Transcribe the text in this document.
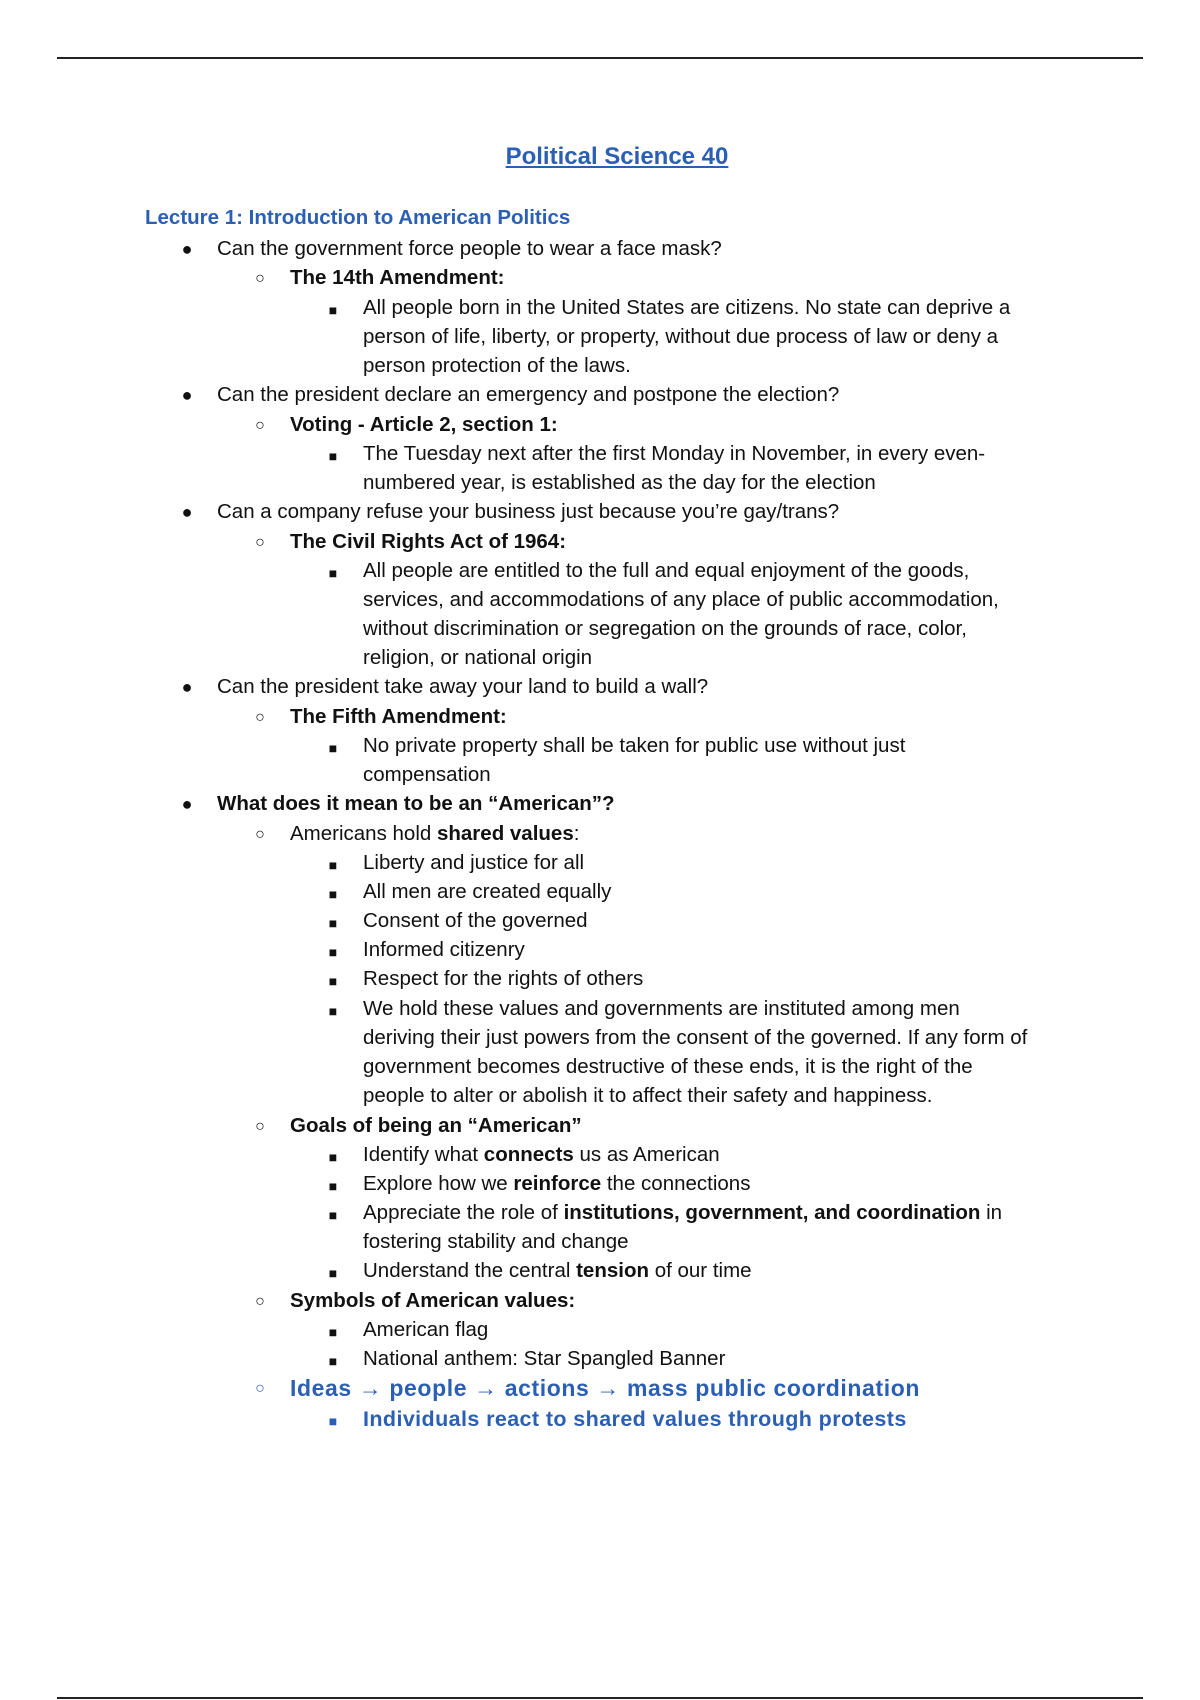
Political Science 40
Lecture 1: Introduction to American Politics
● Can the government force people to wear a face mask?
○ The 14th Amendment:
■ All people born in the United States are citizens. No state can deprive a
person of life, liberty, or property, without due process of law or deny a
person protection of the laws.
● Can the president declare an emergency and postpone the election?
○ Voting - Article 2, section 1:
■ The Tuesday next after the first Monday in November, in every even-
numbered year, is established as the day for the election
● Can a company refuse your business just because you’re gay/trans?
○ The Civil Rights Act of 1964:
■ All people are entitled to the full and equal enjoyment of the goods,
services, and accommodations of any place of public accommodation,
without discrimination or segregation on the grounds of race, color,
religion, or national origin
● Can the president take away your land to build a wall?
○ The Fifth Amendment:
■ No private property shall be taken for public use without just
compensation
● What does it mean to be an “American”?
○ Americans hold shared values:
■ Liberty and justice for all
■ All men are created equally
■ Consent of the governed
■ Informed citizenry
■ Respect for the rights of others
■ We hold these values and governments are instituted among men
deriving their just powers from the consent of the governed. If any form of
government becomes destructive of these ends, it is the right of the
people to alter or abolish it to affect their safety and happiness.
○ Goals of being an “American”
■ Identify what connects us as American
■ Explore how we reinforce the connections
■ Appreciate the role of institutions, government, and coordination in
fostering stability and change
■ Understand the central tension of our time
○ Symbols of American values:
■ American flag
■ National anthem: Star Spangled Banner
○ Ideas → people → actions → mass public coordination
■ Individuals react to shared values through protests
